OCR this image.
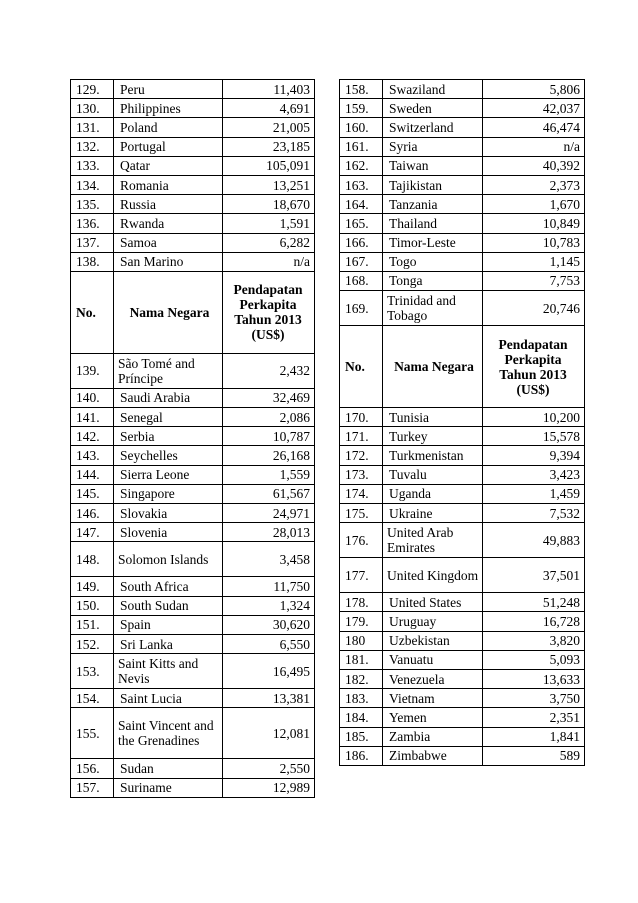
129.	Peru	11,403
130.	Philippines	4,691
131.	Poland	21,005
132.	Portugal	23,185
133.	Qatar	105,091
134.	Romania	13,251
135.	Russia	18,670
136.	Rwanda	1,591
137.	Samoa	6,282
138.	San Marino	n/a
No.	Nama Negara	Pendapatan Perkapita Tahun 2013 (US$)
139.	São Tomé and Príncipe	2,432
140.	Saudi Arabia	32,469
141.	Senegal	2,086
142.	Serbia	10,787
143.	Seychelles	26,168
144.	Sierra Leone	1,559
145.	Singapore	61,567
146.	Slovakia	24,971
147.	Slovenia	28,013
148.	Solomon Islands	3,458
149.	South Africa	11,750
150.	South Sudan	1,324
151.	Spain	30,620
152.	Sri Lanka	6,550
153.	Saint Kitts and Nevis	16,495
154.	Saint Lucia	13,381
155.	Saint Vincent and the Grenadines	12,081
156.	Sudan	2,550
157.	Suriname	12,989
158.	Swaziland	5,806
159.	Sweden	42,037
160.	Switzerland	46,474
161.	Syria	n/a
162.	Taiwan	40,392
163.	Tajikistan	2,373
164.	Tanzania	1,670
165.	Thailand	10,849
166.	Timor-Leste	10,783
167.	Togo	1,145
168.	Tonga	7,753
169.	Trinidad and Tobago	20,746
No.	Nama Negara	Pendapatan Perkapita Tahun 2013 (US$)
170.	Tunisia	10,200
171.	Turkey	15,578
172.	Turkmenistan	9,394
173.	Tuvalu	3,423
174.	Uganda	1,459
175.	Ukraine	7,532
176.	United Arab Emirates	49,883
177.	United Kingdom	37,501
178.	United States	51,248
179.	Uruguay	16,728
180	Uzbekistan	3,820
181.	Vanuatu	5,093
182.	Venezuela	13,633
183.	Vietnam	3,750
184.	Yemen	2,351
185.	Zambia	1,841
186.	Zimbabwe	589
